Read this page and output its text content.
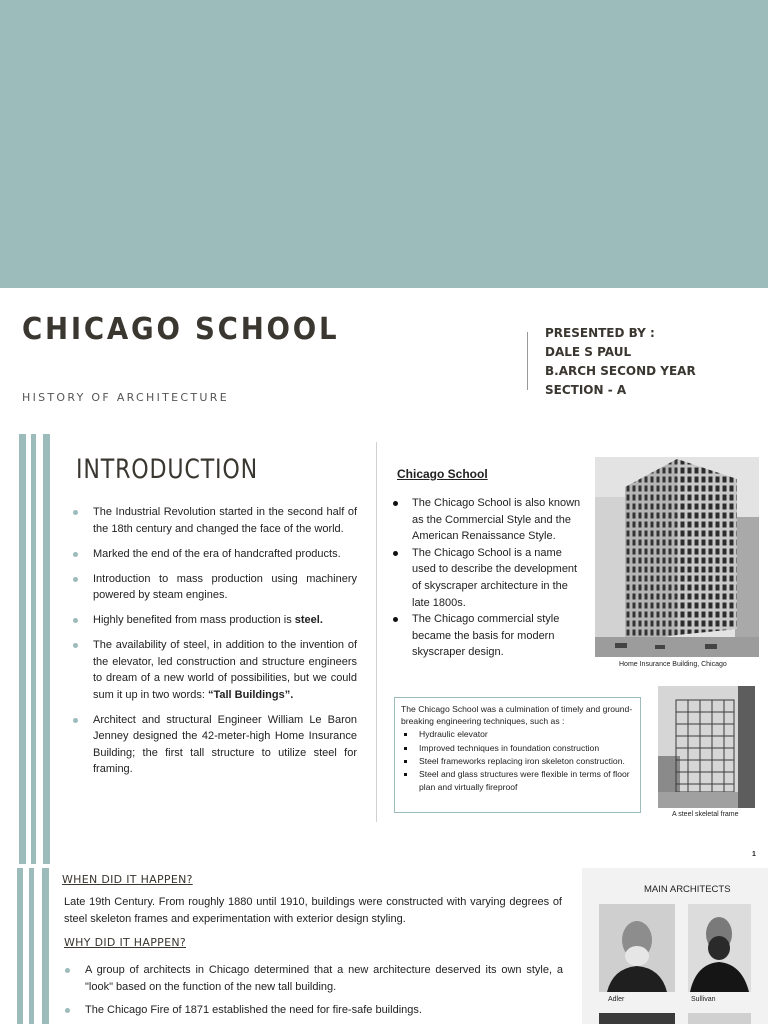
CHICAGO SCHOOL
HISTORY OF ARCHITECTURE
PRESENTED BY :
DALE S PAUL
B.ARCH SECOND YEAR
SECTION - A
INTRODUCTION
The Industrial Revolution started in the second half of the 18th century and changed the face of the world.
Marked the end of the era of handcrafted products.
Introduction to mass production using machinery powered by steam engines.
Highly benefited from mass production is steel.
The availability of steel, in addition to the invention of the elevator, led construction and structure engineers to dream of a new world of possibilities, but we could sum it up in two words: “Tall Buildings”.
Architect and structural Engineer William Le Baron Jenney designed the 42-meter-high Home Insurance Building; the first tall structure to utilize steel for framing.
Chicago School
The Chicago School is also known as the Commercial Style and the American Renaissance Style.
The Chicago School is a name used to describe the development of skyscraper architecture in the late 1800s.
The Chicago commercial style became the basis for modern skyscraper design.
Home Insurance Building, Chicago

The Chicago School was a culmination of timely and ground-breaking engineering techniques, such as :

Hydraulic elevator
Improved techniques in foundation construction
Steel frameworks replacing iron skeleton construction.
Steel and glass structures were flexible in terms of floor plan and virtually fireproof
A steel skeletal frame
1
WHEN DID IT HAPPEN?
Late 19th Century. From roughly 1880 until 1910, buildings were constructed with varying degrees of steel skeleton frames and experimentation with exterior design styling.
WHY DID IT HAPPEN?
A group of architects in Chicago determined that a new architecture deserved its own style, a "look" based on the function of the new tall building.
The Chicago Fire of 1871 established the need for fire-safe buildings.
MAIN ARCHITECTS
Adler	Sullivan
